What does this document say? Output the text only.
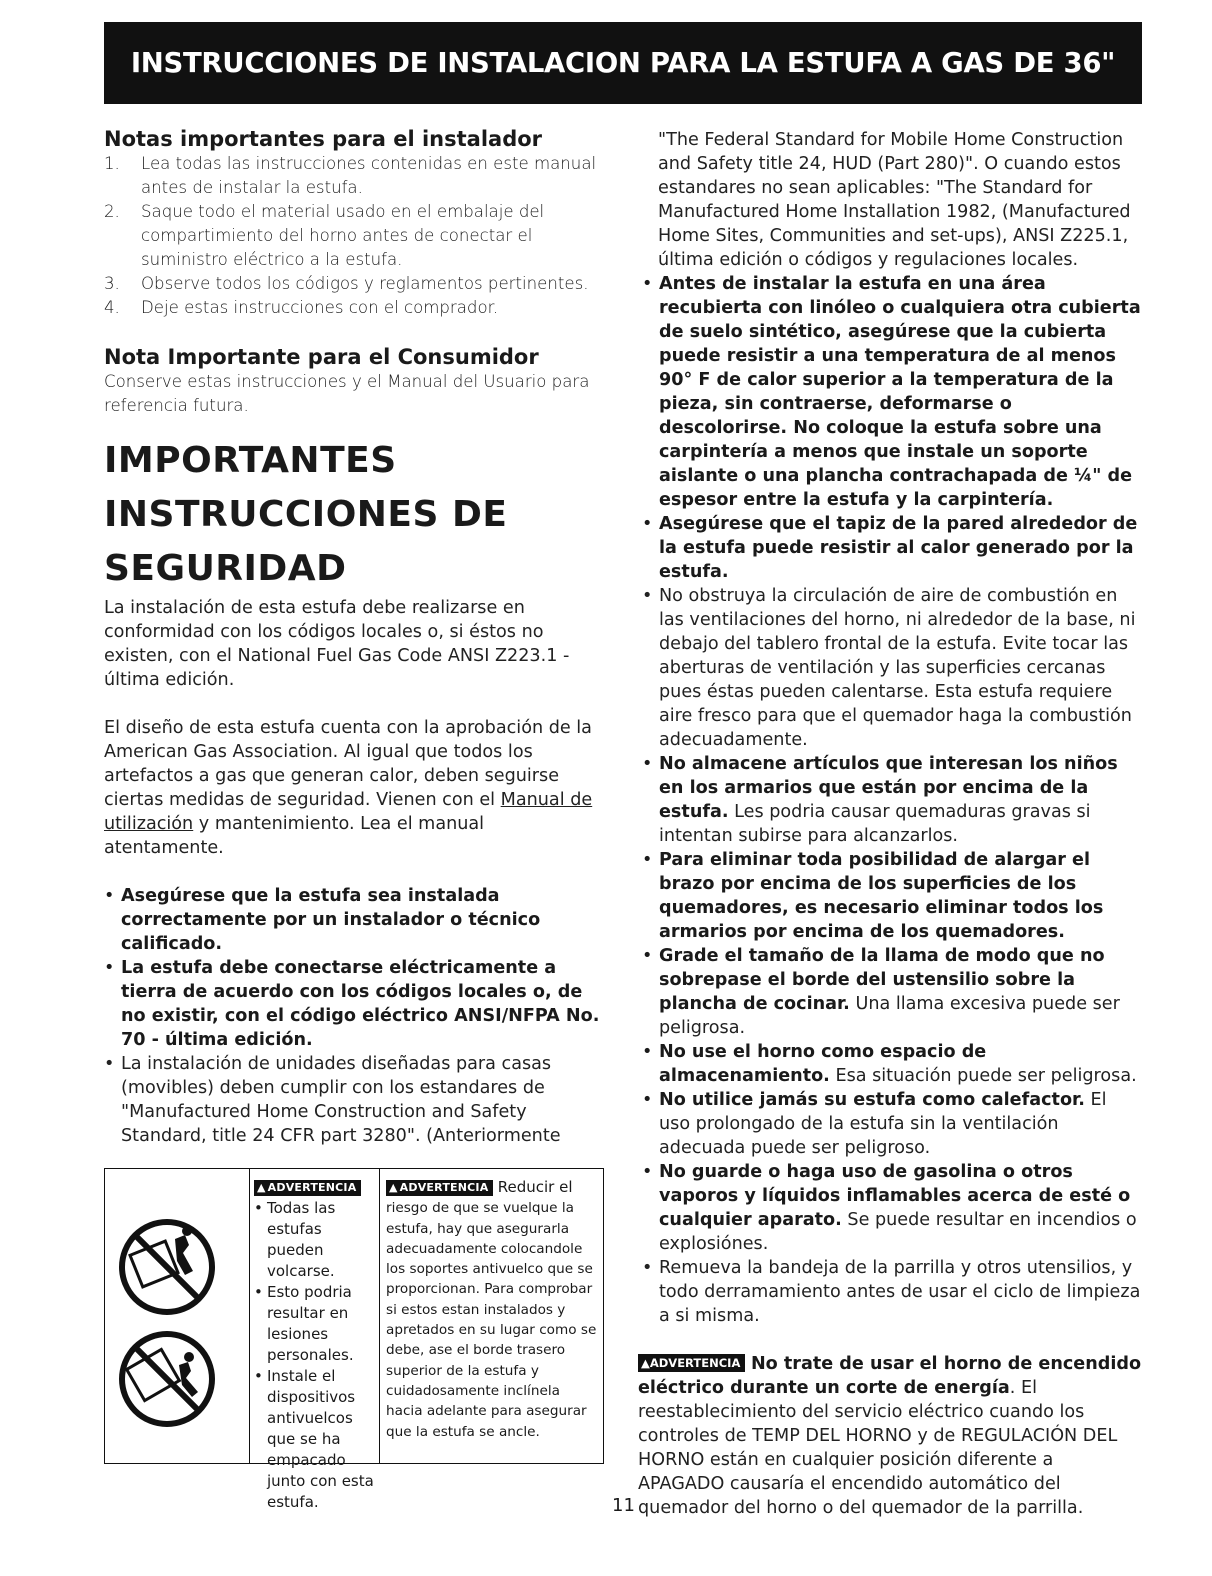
INSTRUCCIONES DE INSTALACION PARA LA ESTUFA A GAS DE 36"

Notas importantes para el instalador

1. Lea todas las instrucciones contenidas en este manual antes de instalar la estufa.
2. Saque todo el material usado en el embalaje del compartimiento del horno antes de conectar el suministro eléctrico a la estufa.
3. Observe todos los códigos y reglamentos pertinentes.
4. Deje estas instrucciones con el comprador.

Nota Importante para el Consumidor

Conserve estas instrucciones y el Manual del Usuario para referencia futura.

IMPORTANTES

INSTRUCCIONES DE

SEGURIDAD

La instalación de esta estufa debe realizarse en conformidad con los códigos locales o, si éstos no existen, con el National Fuel Gas Code ANSI Z223.1 - última edición.

El diseño de esta estufa cuenta con la aprobación de la American Gas Association. Al igual que todos los artefactos a gas que generan calor, deben seguirse ciertas medidas de seguridad. Vienen con el Manual de utilización y mantenimiento. Lea el manual atentamente.

• Asegúrese que la estufa sea instalada correctamente por un instalador o técnico calificado.
• La estufa debe conectarse eléctricamente a tierra de acuerdo con los códigos locales o, de no existir, con el código eléctrico ANSI/NFPA No. 70 - última edición.
• La instalación de unidades diseñadas para casas (movibles) deben cumplir con los estandares de "Manufactured Home Construction and Safety Standard, title 24 CFR part 3280". (Anteriormente
▲ ADVERTENCIA
• Todas las estufas pueden volcarse.
• Esto podria resultar en lesiones personales.
• Instale el dispositivos antivuelcos que se ha empacado junto con esta estufa.
▲ ADVERTENCIA Reducir el
riesgo de que se vuelque la estufa, hay que asegurarla adecuadamente colocandole los soportes antivuelco que se proporcionan. Para comprobar si estos estan instalados y apretados en su lugar como se debe, ase el borde trasero superior de la estufa y cuidadosamente inclínela hacia adelante para asegurar que la estufa se ancle.

"The Federal Standard for Mobile Home Construction and Safety title 24, HUD (Part 280)". O cuando estos estandares no sean aplicables: "The Standard for Manufactured Home Installation 1982, (Manufactured Home Sites, Communities and set-ups), ANSI Z225.1, última edición o códigos y regulaciones locales.

• Antes de instalar la estufa en una área recubierta con linóleo o cualquiera otra cubierta de suelo sintético, asegúrese que la cubierta puede resistir a una temperatura de al menos 90° F de calor superior a la temperatura de la pieza, sin contraerse, deformarse o descolorirse. No coloque la estufa sobre una carpintería a menos que instale un soporte aislante o una plancha contrachapada de ¼" de espesor entre la estufa y la carpintería.
• Asegúrese que el tapiz de la pared alrededor de la estufa puede resistir al calor generado por la estufa.
• No obstruya la circulación de aire de combustión en las ventilaciones del horno, ni alrededor de la base, ni debajo del tablero frontal de la estufa. Evite tocar las aberturas de ventilación y las superficies cercanas pues éstas pueden calentarse. Esta estufa requiere aire fresco para que el quemador haga la combustión adecuadamente.
• No almacene artículos que interesan los niños en los armarios que están por encima de la estufa. Les podria causar quemaduras gravas si intentan subirse para alcanzarlos.
• Para eliminar toda posibilidad de alargar el brazo por encima de los superficies de los quemadores, es necesario eliminar todos los armarios por encima de los quemadores.
• Grade el tamaño de la llama de modo que no sobrepase el borde del ustensilio sobre la plancha de cocinar. Una llama excesiva puede ser peligrosa.
• No use el horno como espacio de almacenamiento. Esa situación puede ser peligrosa.
• No utilice jamás su estufa como calefactor. El uso prolongado de la estufa sin la ventilación adecuada puede ser peligroso.
• No guarde o haga uso de gasolina o otros vaporos y líquidos inflamables acerca de esté o cualquier aparato. Se puede resultar en incendios o explosiónes.
• Remueva la bandeja de la parrilla y otros utensilios, y todo derramamiento antes de usar el ciclo de limpieza a si misma.

▲ADVERTENCIA No trate de usar el horno de encendido eléctrico durante un corte de energía. El reestablecimiento del servicio eléctrico cuando los controles de TEMP DEL HORNO y de REGULACIÓN DEL HORNO están en cualquier posición diferente a APAGADO causaría el encendido automático del quemador del horno o del quemador de la parrilla.

11
